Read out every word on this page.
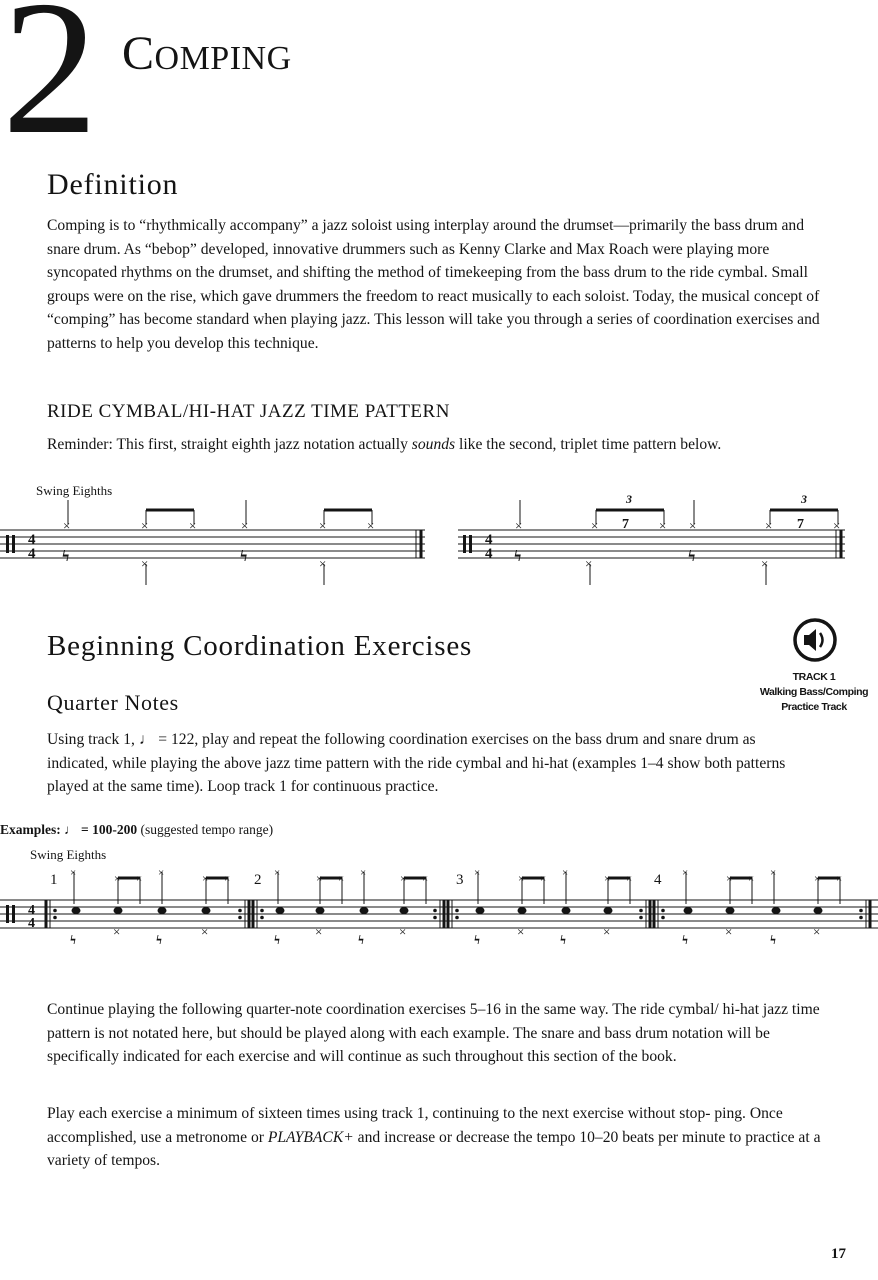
2 Comping
Definition

Comping is to “rhythmically accompany” a jazz soloist using interplay around the drumset—primarily the bass drum and snare drum. As “bebop” developed, innovative drummers such as Kenny Clarke and Max Roach were playing more syncopated rhythms on the drumset, and shifting the method of timekeeping from the bass drum to the ride cymbal. Small groups were on the rise, which gave drummers the freedom to react musically to each soloist. Today, the musical concept of “comping” has become standard when playing jazz. This lesson will take you through a series of coordination exercises and patterns to help you develop this technique.

RIDE CYMBAL/HI-HAT JAZZ TIME PATTERN

Reminder: This first, straight eighth jazz notation actually sounds like the second, triplet time pattern below.

Swing Eighths
4
4
×	×	×	×	×	×
ϟ	ϟ
×	×
4
4
3	3
×	×	× ×	×	×
7	7
ϟ	ϟ
×	×
Beginning Coordination Exercises
TRACK 1
Walking Bass/Comping
Practice Track
Quarter Notes

Using track 1, ♩ = 122, play and repeat the following coordination exercises on the bass drum and snare drum as indicated, while playing the above jazz time pattern with the ride cymbal and hi-hat (examples 1–4 show both patterns played at the same time). Loop track 1 for continuous practice.

Examples: ♩ = 100-200 (suggested tempo range)
Swing Eighths
4
4
1	2	3	4
×	× × ×	× ×	×	× × ×	× ×	×	× × ×	× ×	×	× × ×	× ×
ϟ
×
ϟ
×
ϟ
×
ϟ
×
ϟ
×
ϟ
×
ϟ
×
ϟ
×

Continue playing the following quarter-note coordination exercises 5–16 in the same way. The ride cymbal/ hi-hat jazz time pattern is not notated here, but should be played along with each example. The snare and bass drum notation will be specifically indicated for each exercise and will continue as such throughout this section of the book.

Play each exercise a minimum of sixteen times using track 1, continuing to the next exercise without stop- ping. Once accomplished, use a metronome or PLAYBACK+ and increase or decrease the tempo 10–20 beats per minute to practice at a variety of tempos.

17
